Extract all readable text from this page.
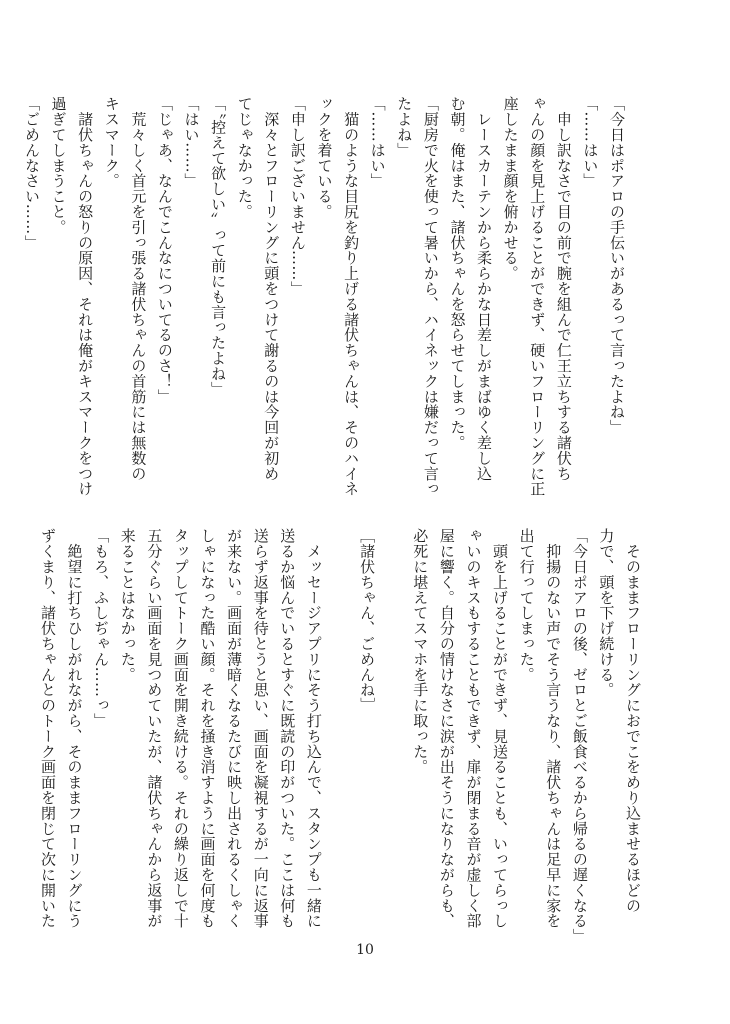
「今日はポアロの手伝いがあるって言ったよね」
「……はい」
　申し訳なさで目の前で腕を組んで仁王立ちする諸伏ち
ゃんの顔を見上げることができず、硬いフローリングに正
座したまま顔を俯かせる。
　レースカーテンから柔らかな日差しがまばゆく差し込
む朝。俺はまた、諸伏ちゃんを怒らせてしまった。
「厨房で火を使って暑いから、ハイネックは嫌だって言っ
たよね」
「……はい」
　猫のような目尻を釣り上げる諸伏ちゃんは、そのハイネ
ックを着ている。
「申し訳ございません……」
　深々とフローリングに頭をつけて謝るのは今回が初め
てじゃなかった。
「〝控えて欲しい〟って前にも言ったよね」
「はい……」
「じゃあ、なんでこんなについてるのさ！」
　荒々しく首元を引っ張る諸伏ちゃんの首筋には無数の
キスマーク。
　諸伏ちゃんの怒りの原因、それは俺がキスマークをつけ
過ぎてしまうこと。
「ごめんなさい……」
　そのままフローリングにおでこをめり込ませるほどの
力で、頭を下げ続ける。
「今日ポアロの後、ゼロとご飯食べるから帰るの遅くなる」
　抑揚のない声でそう言うなり、諸伏ちゃんは足早に家を
出て行ってしまった。
　頭を上げることができず、見送ることも、いってらっし
ゃいのキスもすることもできず、扉が閉まる音が虚しく部
屋に響く。自分の情けなさに涙が出そうになりながらも、
必死に堪えてスマホを手に取った。

［諸伏ちゃん、ごめんね］

　メッセージアプリにそう打ち込んで、スタンプも一緒に
送るか悩んでいるとすぐに既読の印がついた。ここは何も
送らず返事を待とうと思い、画面を凝視するが一向に返事
が来ない。画面が薄暗くなるたびに映し出されるくしゃく
しゃになった酷い顔。それを掻き消すように画面を何度も
タップしてトーク画面を開き続ける。それの繰り返しで十
五分ぐらい画面を見つめていたが、諸伏ちゃんから返事が
来ることはなかった。
「もろ、ふしぢゃん……っ」
　絶望に打ちひしがれながら、そのままフローリングにう
ずくまり、諸伏ちゃんとのトーク画面を閉じて次に開いた
10
